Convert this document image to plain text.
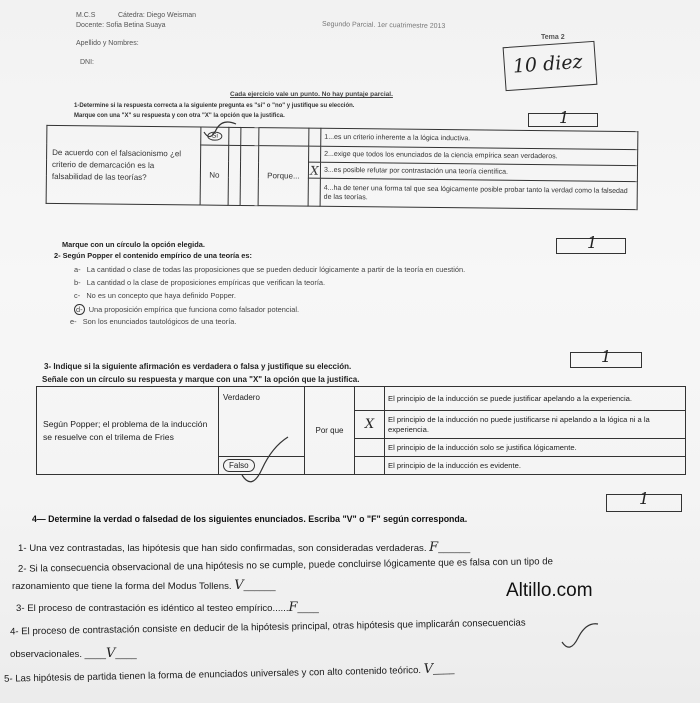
M.C.S	Cátedra: Diego Weisman
Docente: Sofia Betina Suaya
Apellido y Nombres:
DNI:
Segundo Parcial. 1er cuatrimestre 2013
Tema 2
10 diez
Cada ejercicio vale un punto. No hay puntaje parcial.
1-Determine si la respuesta correcta a la siguiente pregunta es "si" o "no" y justifique su elección.
Marque con una "X" su respuesta y con otra "X" la opción que la justifica.	1
De acuerdo con el falsacionismo ¿el criterio de demarcación es la falsabilidad de las teorías?	Si					1...es un criterio inherente a la lógica inductiva.
	No			Porque...		2...exige que todos los enunciados de la ciencia empírica sean verdaderos.
					X	3...es posible refutar por contrastación una teoría científica.
						4...ha de tener una forma tal que sea lógicamente posible probar tanto la verdad como la falsedad de las teorías.
Marque con un círculo la opción elegida.
2- Según Popper el contenido empírico de una teoría es:
1
a- La cantidad o clase de todas las proposiciones que se pueden deducir lógicamente a partir de la teoría en cuestión.
b- La cantidad o la clase de proposiciones empíricas que verifican la teoría.
c- No es un concepto que haya definido Popper.
d- Una proposición empírica que funciona como falsador potencial.
e- Son los enunciados tautológicos de una teoría.
3- Indique si la siguiente afirmación es verdadera o falsa y justifique su elección.
Señale con un círculo su respuesta y marque con una "X" la opción que la justifica.
1
Según Popper; el problema de la inducción se resuelve con el trilema de Fries	Verdadero	Por que		El principio de la inducción se puede justificar apelando a la experiencia.
			X	El principio de la inducción no puede justificarse ni apelando a la lógica ni a la experiencia.
				El principio de la inducción solo se justifica lógicamente.
	Falso			El principio de la inducción es evidente.
4— Determine la verdad o falsedad de los siguientes enunciados. Escriba "V" o "F" según corresponda.
1
1- Una vez contrastadas, las hipótesis que han sido confirmadas, son consideradas verdaderas. F______
2- Si la consecuencia observacional de una hipótesis no se cumple, puede concluirse lógicamente que es falsa con un tipo de
razonamiento que tiene la forma del Modus Tollens. V______
3- El proceso de contrastación es idéntico al testeo empírico......F____
4- El proceso de contrastación consiste en deducir de la hipótesis principal, otras hipótesis que implicarán consecuencias
observacionales. ____V____
5- Las hipótesis de partida tienen la forma de enunciados universales y con alto contenido teórico. V____
Altillo.com
